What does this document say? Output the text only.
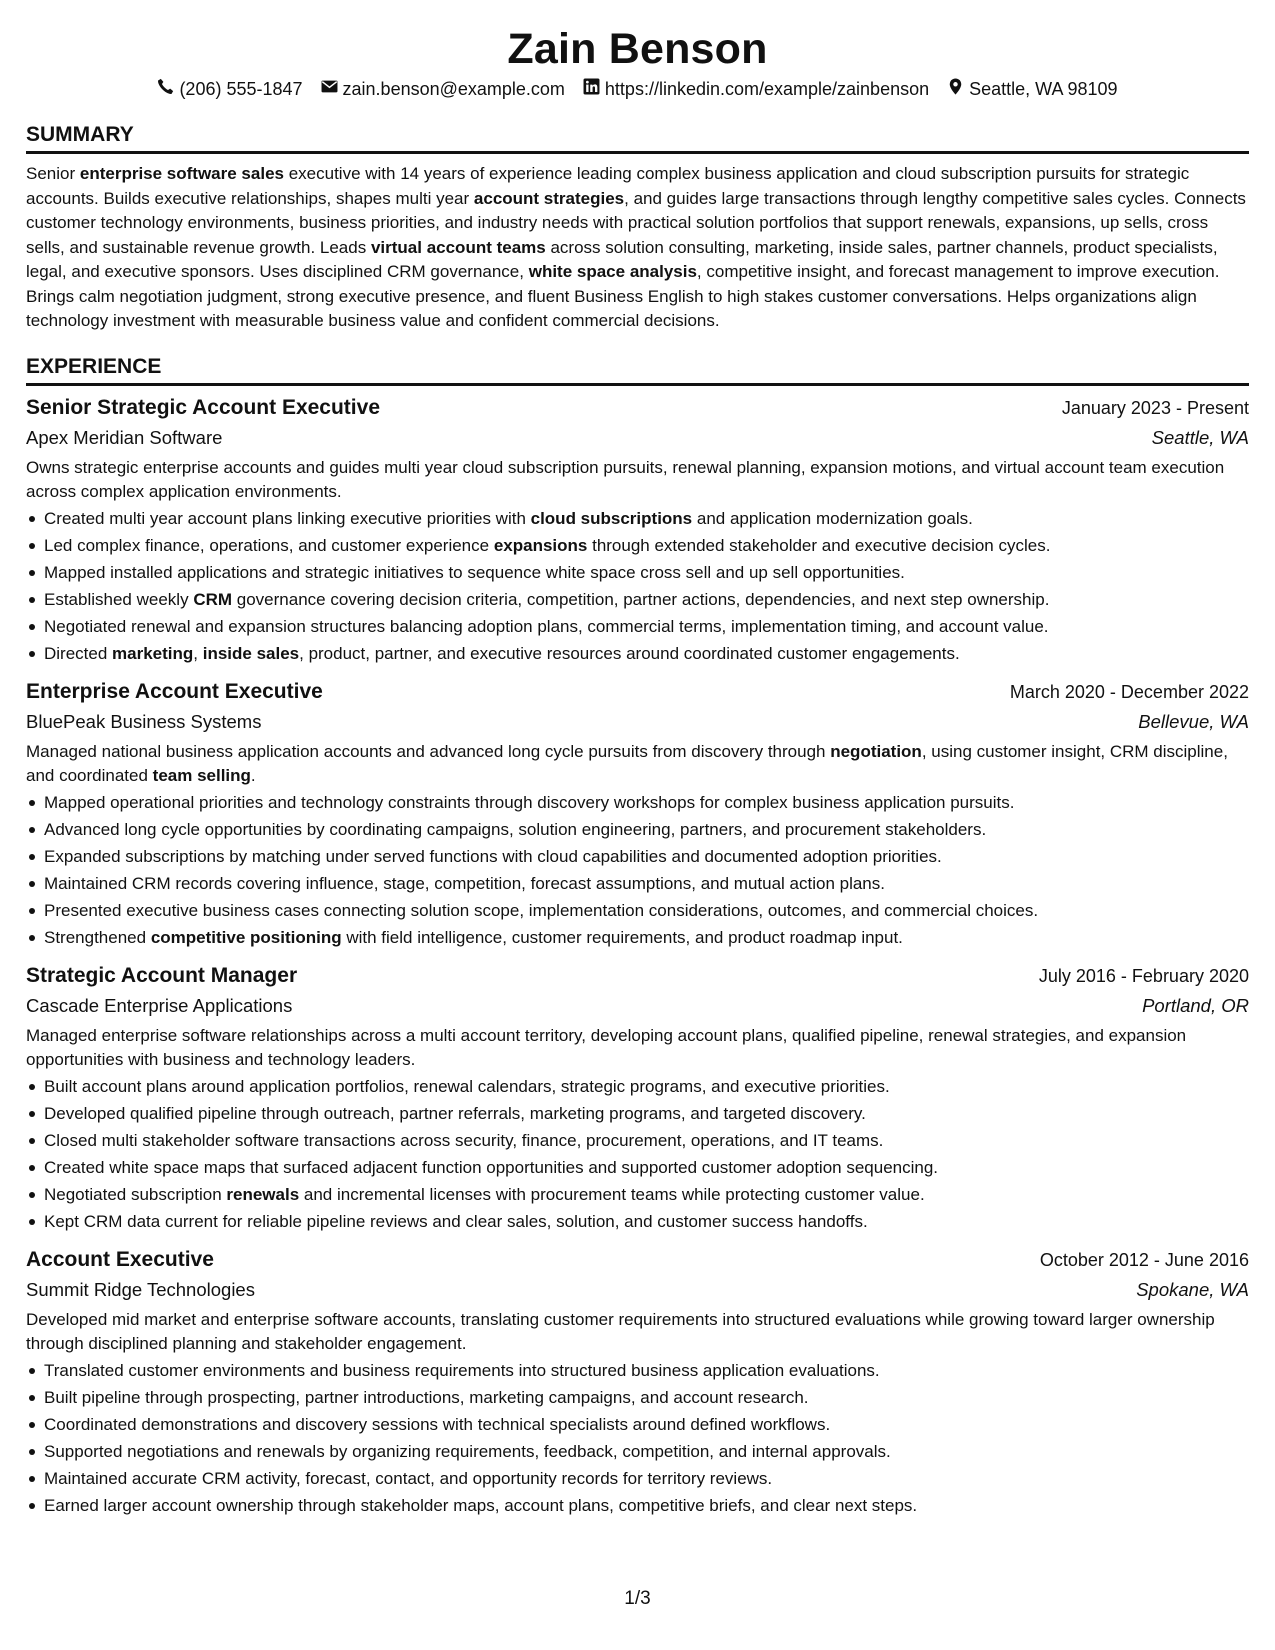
Zain Benson
(206) 555-1847 zain.benson@example.com https://linkedin.com/example/zainbenson Seattle, WA 98109
SUMMARY

Senior enterprise software sales executive with 14 years of experience leading complex business application and cloud subscription pursuits for strategic accounts. Builds executive relationships, shapes multi year account strategies, and guides large transactions through lengthy competitive sales cycles. Connects customer technology environments, business priorities, and industry needs with practical solution portfolios that support renewals, expansions, up sells, cross sells, and sustainable revenue growth. Leads virtual account teams across solution consulting, marketing, inside sales, partner channels, product specialists, legal, and executive sponsors. Uses disciplined CRM governance, white space analysis, competitive insight, and forecast management to improve execution. Brings calm negotiation judgment, strong executive presence, and fluent Business English to high stakes customer conversations. Helps organizations align technology investment with measurable business value and confident commercial decisions.

EXPERIENCE
Senior Strategic Account Executive	January 2023 - Present
Apex Meridian Software	Seattle, WA

Owns strategic enterprise accounts and guides multi year cloud subscription pursuits, renewal planning, expansion motions, and virtual account team execution across complex application environments.

Created multi year account plans linking executive priorities with cloud subscriptions and application modernization goals.
Led complex finance, operations, and customer experience expansions through extended stakeholder and executive decision cycles.
Mapped installed applications and strategic initiatives to sequence white space cross sell and up sell opportunities.
Established weekly CRM governance covering decision criteria, competition, partner actions, dependencies, and next step ownership.
Negotiated renewal and expansion structures balancing adoption plans, commercial terms, implementation timing, and account value.
Directed marketing, inside sales, product, partner, and executive resources around coordinated customer engagements.
Enterprise Account Executive	March 2020 - December 2022
BluePeak Business Systems	Bellevue, WA

Managed national business application accounts and advanced long cycle pursuits from discovery through negotiation, using customer insight, CRM discipline, and coordinated team selling.

Mapped operational priorities and technology constraints through discovery workshops for complex business application pursuits.
Advanced long cycle opportunities by coordinating campaigns, solution engineering, partners, and procurement stakeholders.
Expanded subscriptions by matching under served functions with cloud capabilities and documented adoption priorities.
Maintained CRM records covering influence, stage, competition, forecast assumptions, and mutual action plans.
Presented executive business cases connecting solution scope, implementation considerations, outcomes, and commercial choices.
Strengthened competitive positioning with field intelligence, customer requirements, and product roadmap input.
Strategic Account Manager	July 2016 - February 2020
Cascade Enterprise Applications	Portland, OR

Managed enterprise software relationships across a multi account territory, developing account plans, qualified pipeline, renewal strategies, and expansion opportunities with business and technology leaders.

Built account plans around application portfolios, renewal calendars, strategic programs, and executive priorities.
Developed qualified pipeline through outreach, partner referrals, marketing programs, and targeted discovery.
Closed multi stakeholder software transactions across security, finance, procurement, operations, and IT teams.
Created white space maps that surfaced adjacent function opportunities and supported customer adoption sequencing.
Negotiated subscription renewals and incremental licenses with procurement teams while protecting customer value.
Kept CRM data current for reliable pipeline reviews and clear sales, solution, and customer success handoffs.
Account Executive	October 2012 - June 2016
Summit Ridge Technologies	Spokane, WA

Developed mid market and enterprise software accounts, translating customer requirements into structured evaluations while growing toward larger ownership through disciplined planning and stakeholder engagement.

Translated customer environments and business requirements into structured business application evaluations.
Built pipeline through prospecting, partner introductions, marketing campaigns, and account research.
Coordinated demonstrations and discovery sessions with technical specialists around defined workflows.
Supported negotiations and renewals by organizing requirements, feedback, competition, and internal approvals.
Maintained accurate CRM activity, forecast, contact, and opportunity records for territory reviews.
Earned larger account ownership through stakeholder maps, account plans, competitive briefs, and clear next steps.
1/3
